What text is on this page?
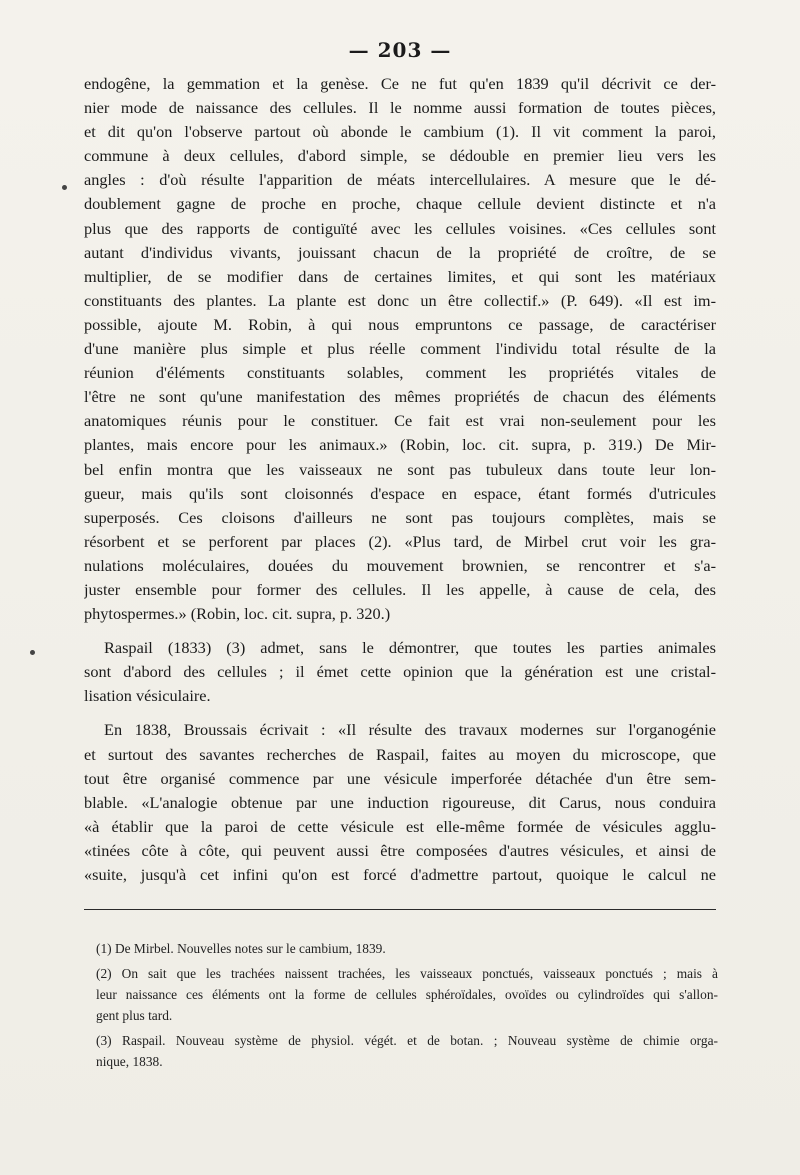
— 203 —
endogêne, la gemmation et la genèse. Ce ne fut qu'en 1839 qu'il décrivit ce der-
nier mode de naissance des cellules. Il le nomme aussi formation de toutes pièces,
et dit qu'on l'observe partout où abonde le cambium (1). Il vit comment la paroi,
commune à deux cellules, d'abord simple, se dédouble en premier lieu vers les
angles : d'où résulte l'apparition de méats intercellulaires. A mesure que le dé-
doublement gagne de proche en proche, chaque cellule devient distincte et n'a
plus que des rapports de contiguïté avec les cellules voisines. «Ces cellules sont
autant d'individus vivants, jouissant chacun de la propriété de croître, de se
multiplier, de se modifier dans de certaines limites, et qui sont les matériaux
constituants des plantes. La plante est donc un être collectif.» (P. 649). «Il est im-
possible, ajoute M. Robin, à qui nous empruntons ce passage, de caractériser
d'une manière plus simple et plus réelle comment l'individu total résulte de la
réunion d'éléments constituants solables, comment les propriétés vitales de
l'être ne sont qu'une manifestation des mêmes propriétés de chacun des éléments
anatomiques réunis pour le constituer. Ce fait est vrai non-seulement pour les
plantes, mais encore pour les animaux.» (Robin, loc. cit. supra, p. 319.) De Mir-
bel enfin montra que les vaisseaux ne sont pas tubuleux dans toute leur lon-
gueur, mais qu'ils sont cloisonnés d'espace en espace, étant formés d'utricules
superposés. Ces cloisons d'ailleurs ne sont pas toujours complètes, mais se
résorbent et se perforent par places (2). «Plus tard, de Mirbel crut voir les gra-
nulations moléculaires, douées du mouvement brownien, se rencontrer et s'a-
juster ensemble pour former des cellules. Il les appelle, à cause de cela, des
phytospermes.» (Robin, loc. cit. supra, p. 320.)
Raspail (1833) (3) admet, sans le démontrer, que toutes les parties animales
sont d'abord des cellules ; il émet cette opinion que la génération est une cristal-
lisation vésiculaire.
En 1838, Broussais écrivait : «Il résulte des travaux modernes sur l'organogénie
et surtout des savantes recherches de Raspail, faites au moyen du microscope, que
tout être organisé commence par une vésicule imperforée détachée d'un être sem-
blable. «L'analogie obtenue par une induction rigoureuse, dit Carus, nous conduira
«à établir que la paroi de cette vésicule est elle-même formée de vésicules agglu-
«tinées côte à côte, qui peuvent aussi être composées d'autres vésicules, et ainsi de
«suite, jusqu'à cet infini qu'on est forcé d'admettre partout, quoique le calcul ne
(1) De Mirbel. Nouvelles notes sur le cambium, 1839.
(2) On sait que les trachées naissent trachées, les vaisseaux ponctués, vaisseaux ponctués ; mais à
leur naissance ces éléments ont la forme de cellules sphéroïdales, ovoïdes ou cylindroïdes qui s'allon-
gent plus tard.
(3) Raspail. Nouveau système de physiol. végét. et de botan. ; Nouveau système de chimie orga-
nique, 1838.
